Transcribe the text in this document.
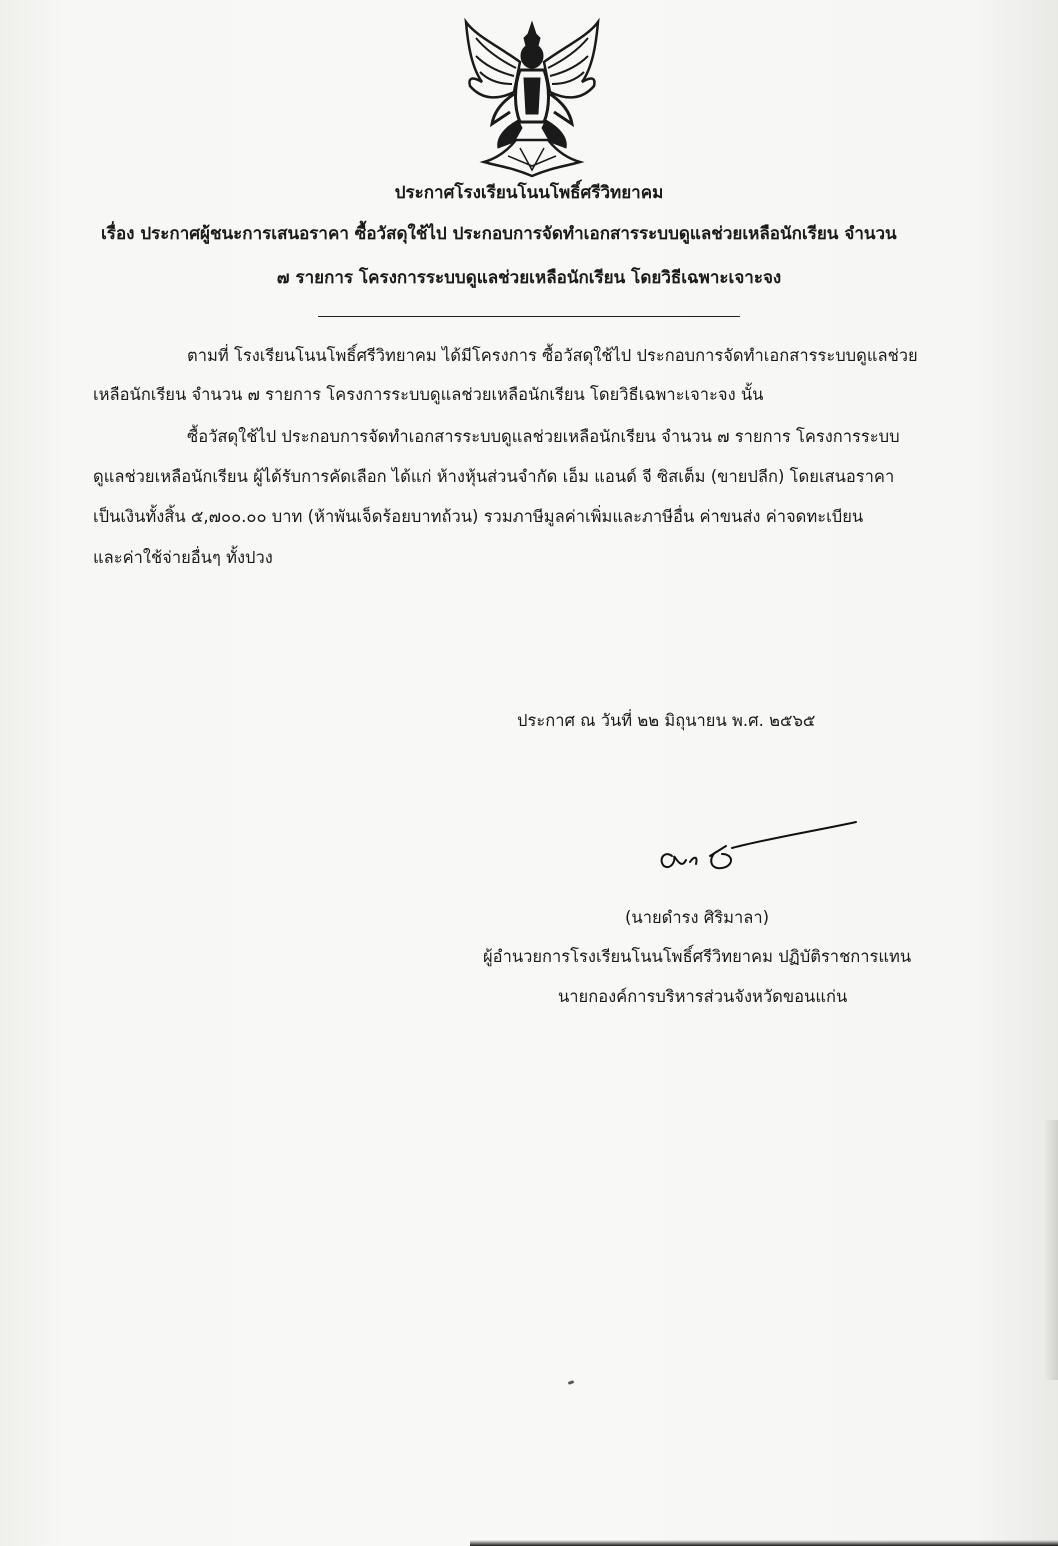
ประกาศโรงเรียนโนนโพธิ์ศรีวิทยาคม
เรื่อง ประกาศผู้ชนะการเสนอราคา ซื้อวัสดุใช้ไป ประกอบการจัดทำเอกสารระบบดูแลช่วยเหลือนักเรียน จำนวน
๗ รายการ โครงการระบบดูแลช่วยเหลือนักเรียน โดยวิธีเฉพาะเจาะจง
ตามที่ โรงเรียนโนนโพธิ์ศรีวิทยาคม ได้มีโครงการ ซื้อวัสดุใช้ไป ประกอบการจัดทำเอกสารระบบดูแลช่วย
เหลือนักเรียน จำนวน ๗ รายการ โครงการระบบดูแลช่วยเหลือนักเรียน โดยวิธีเฉพาะเจาะจง นั้น
ซื้อวัสดุใช้ไป ประกอบการจัดทำเอกสารระบบดูแลช่วยเหลือนักเรียน จำนวน ๗ รายการ โครงการระบบ
ดูแลช่วยเหลือนักเรียน ผู้ได้รับการคัดเลือก ได้แก่ ห้างหุ้นส่วนจำกัด เอ็ม แอนด์ จี ซิสเต็ม (ขายปลีก) โดยเสนอราคา
เป็นเงินทั้งสิ้น ๕,๗๐๐.๐๐ บาท (ห้าพันเจ็ดร้อยบาทถ้วน) รวมภาษีมูลค่าเพิ่มและภาษีอื่น ค่าขนส่ง ค่าจดทะเบียน
และค่าใช้จ่ายอื่นๆ ทั้งปวง
ประกาศ ณ วันที่ ๒๒ มิถุนายน พ.ศ. ๒๕๖๕
(นายดำรง ศิริมาลา)
ผู้อำนวยการโรงเรียนโนนโพธิ์ศรีวิทยาคม ปฏิบัติราชการแทน
นายกองค์การบริหารส่วนจังหวัดขอนแก่น
